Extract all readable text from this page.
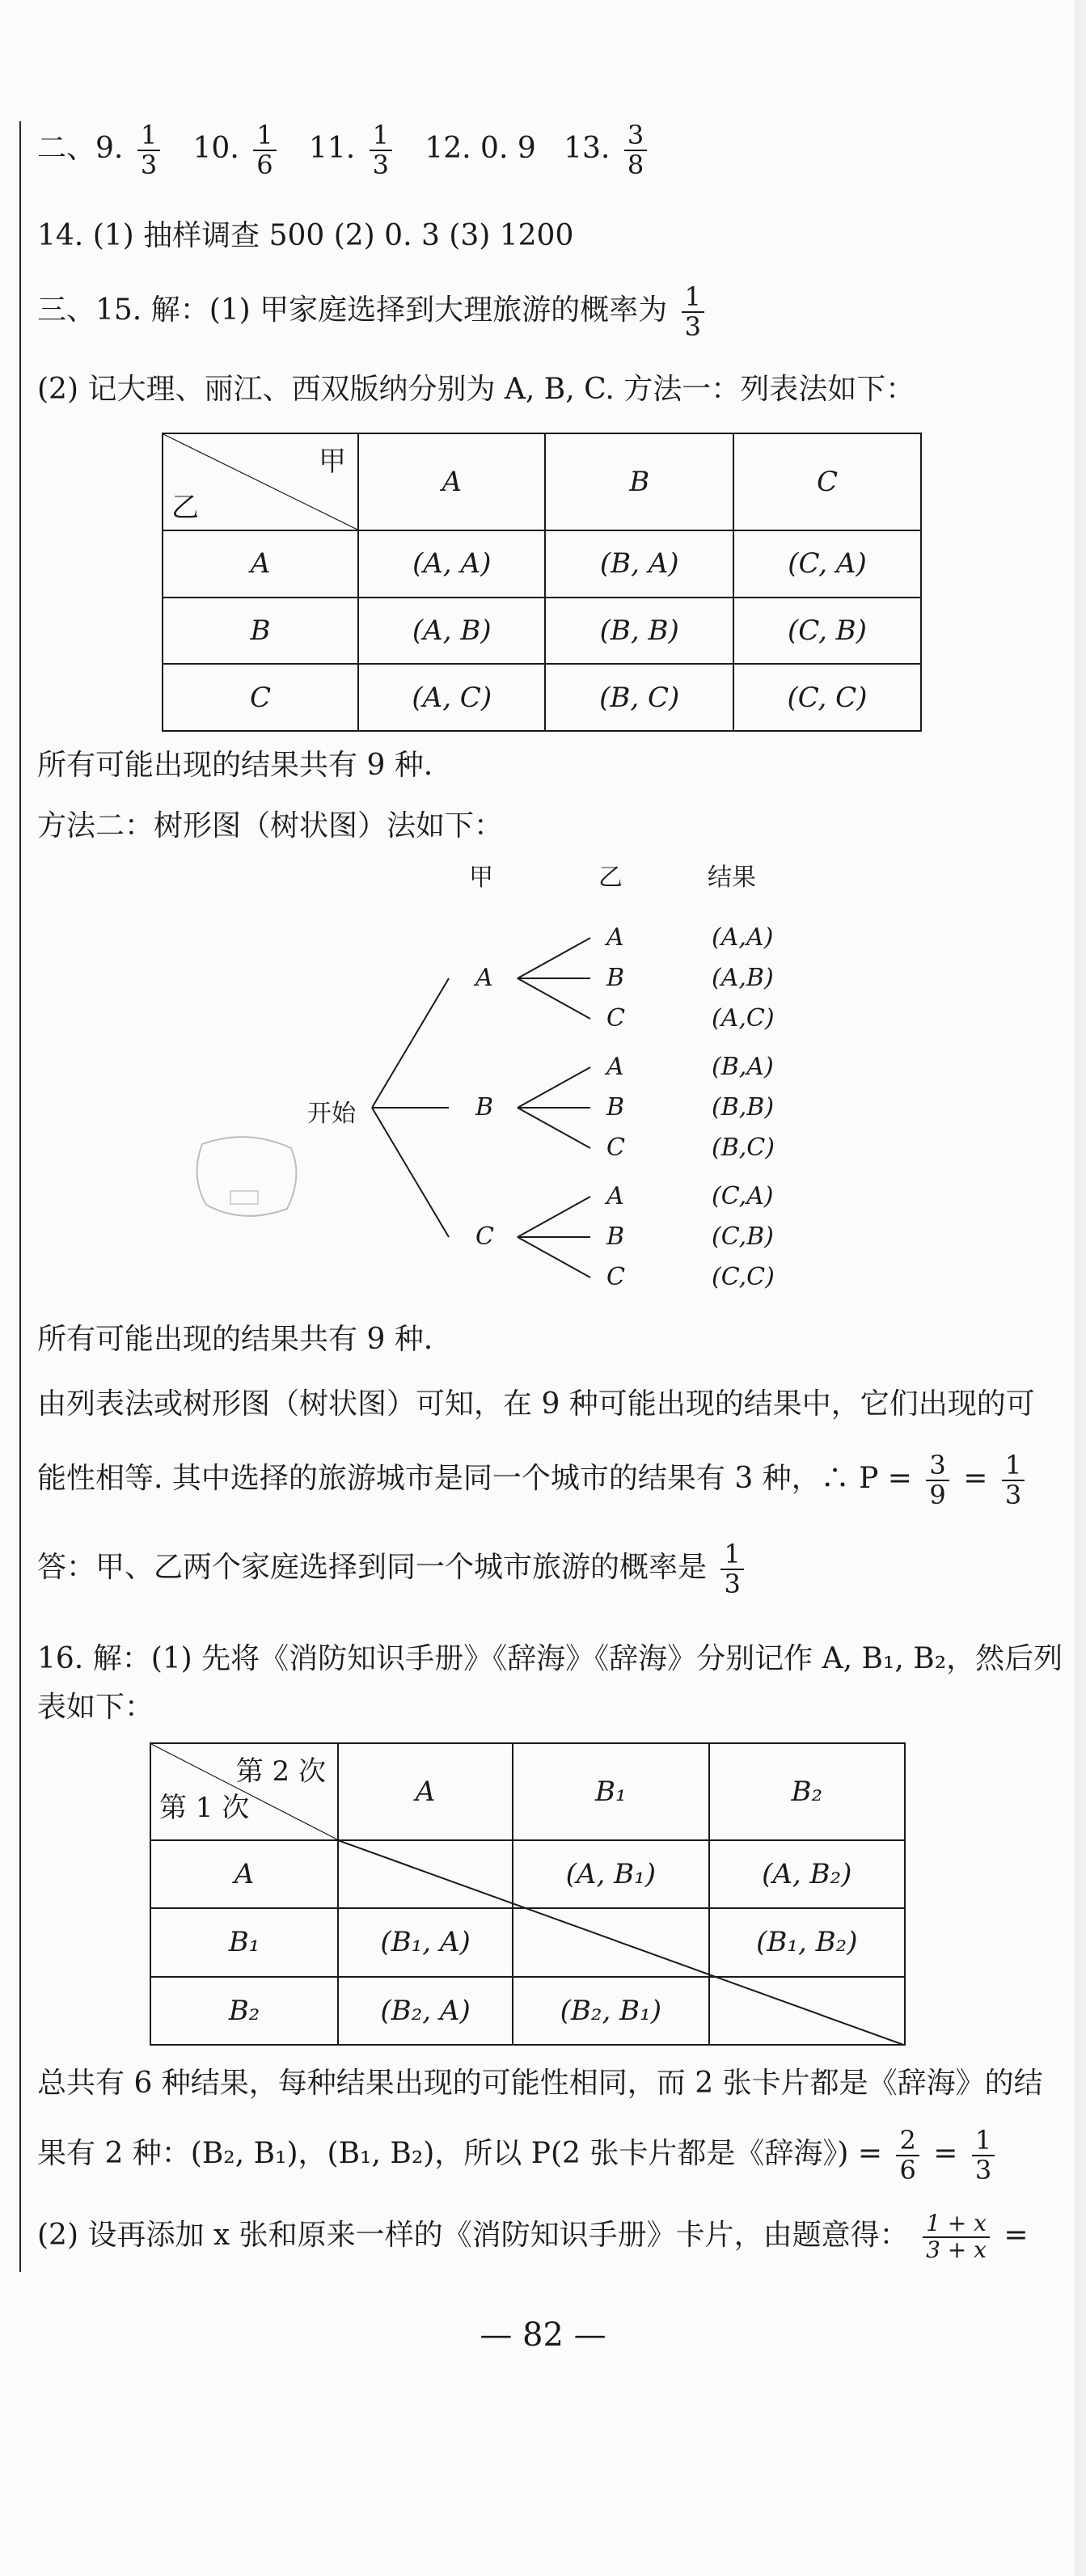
二、9. $\frac{1}{3} 10$. $\frac{1}{6} 11$. $\frac{1}{3} 12$. 0. 9 13. $\frac{3}{8}$
14. (1) 抽样调查 500 (2) 0. 3 (3) 1200
三、15. 解：(1) 甲家庭选择到大理旅游的概率为 $\frac{1}{3}$
(2) 记大理、丽江、西双版纳分别为 A, B, C. 方法一：列表法如下：
甲
乙	A	B	C
A	(A, A)	(B, A)	(C, A)
B	(A, B)	(B, B)	(C, B)
C	(A, C)	(B, C)	(C, C)
所有可能出现的结果共有 9 种.
方法二：树形图（树状图）法如下：
甲	乙	结果
开始
A
B
C
A
B
C
A
B
C
A
B
C
(A,A)
(A,B)
(A,C)
(B,A)
(B,B)
(B,C)
(C,A)
(C,B)
(C,C)
所有可能出现的结果共有 9 种.
由列表法或树形图（树状图）可知，在 9 种可能出现的结果中，它们出现的可
能性相等. 其中选择的旅游城市是同一个城市的结果有 3 种，∴ $P = \frac{3}{9} = \frac{1}{3}$
答：甲、乙两个家庭选择到同一个城市旅游的概率是 $\frac{1}{3}$
16. 解：(1) 先将《消防知识手册》《辞海》《辞海》分别记作 A, B₁, B₂，然后列
表如下：
第 2 次
第 1 次	A	B₁	B₂
A		(A, B₁)	(A, B₂)
B₁	(B₁, A)		(B₁, B₂)
B₂	(B₂, A)	(B₂, B₁)	
总共有 6 种结果，每种结果出现的可能性相同，而 2 张卡片都是《辞海》的结
果有 2 种：(B₂, B₁)，(B₁, B₂)，所以 P(2 张卡片都是《辞海》) = $\frac{2}{6} = \frac{1}{3}$
(2) 设再添加 x 张和原来一样的《消防知识手册》卡片，由题意得： $\frac{1 + x}{3 + x}$ =
— 82 —
